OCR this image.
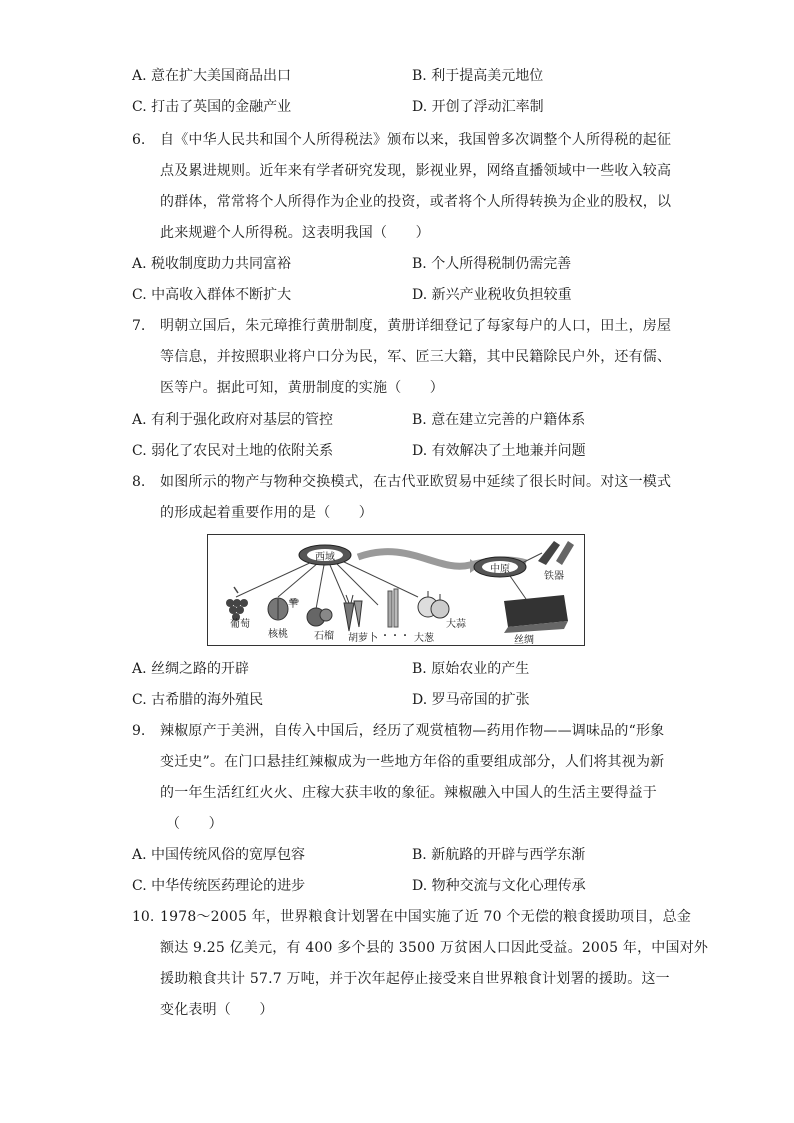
A. 意在扩大美国商品出口	B. 利于提高美元地位
C. 打击了英国的金融产业	D. 开创了浮动汇率制
6.	自《中华人民共和国个人所得税法》颁布以来，我国曾多次调整个人所得税的起征
点及累进规则。近年来有学者研究发现，影视业界，网络直播领域中一些收入较高
的群体，常常将个人所得作为企业的投资，或者将个人所得转换为企业的股权，以
此来规避个人所得税。这表明我国（　　）
A. 税收制度助力共同富裕	B. 个人所得税制仍需完善
C. 中高收入群体不断扩大	D. 新兴产业税收负担较重
7.	明朝立国后，朱元璋推行黄册制度，黄册详细登记了每家每户的人口，田土，房屋
等信息，并按照职业将户口分为民，军、匠三大籍，其中民籍除民户外，还有儒、
医等户。据此可知，黄册制度的实施（　　）
A. 有利于强化政府对基层的管控	B. 意在建立完善的户籍体系
C. 弱化了农民对土地的依附关系	D. 有效解决了土地兼并问题
8.	如图所示的物产与物种交换模式，在古代亚欧贸易中延续了很长时间。对这一模式
的形成起着重要作用的是（　　）
西域
中原
葡萄
羊
核桃	石榴 胡萝卜 ・・・ 大葱
大蒜
铁器
丝绸
A. 丝绸之路的开辟	B. 原始农业的产生
C. 古希腊的海外殖民	D. 罗马帝国的扩张
9.	辣椒原产于美洲，自传入中国后，经历了观赏植物—药用作物——调味品的“形象
变迁史”。在门口悬挂红辣椒成为一些地方年俗的重要组成部分，人们将其视为新
的一年生活红红火火、庄稼大获丰收的象征。辣椒融入中国人的生活主要得益于
（　　）
A. 中国传统风俗的宽厚包容	B. 新航路的开辟与西学东渐
C. 中华传统医药理论的进步	D. 物种交流与文化心理传承
10. 1978～2005 年，世界粮食计划署在中国实施了近 70 个无偿的粮食援助项目，总金
额达 9.25 亿美元，有 400 多个县的 3500 万贫困人口因此受益。2005 年，中国对外
援助粮食共计 57.7 万吨，并于次年起停止接受来自世界粮食计划署的援助。这一
变化表明（　　）
